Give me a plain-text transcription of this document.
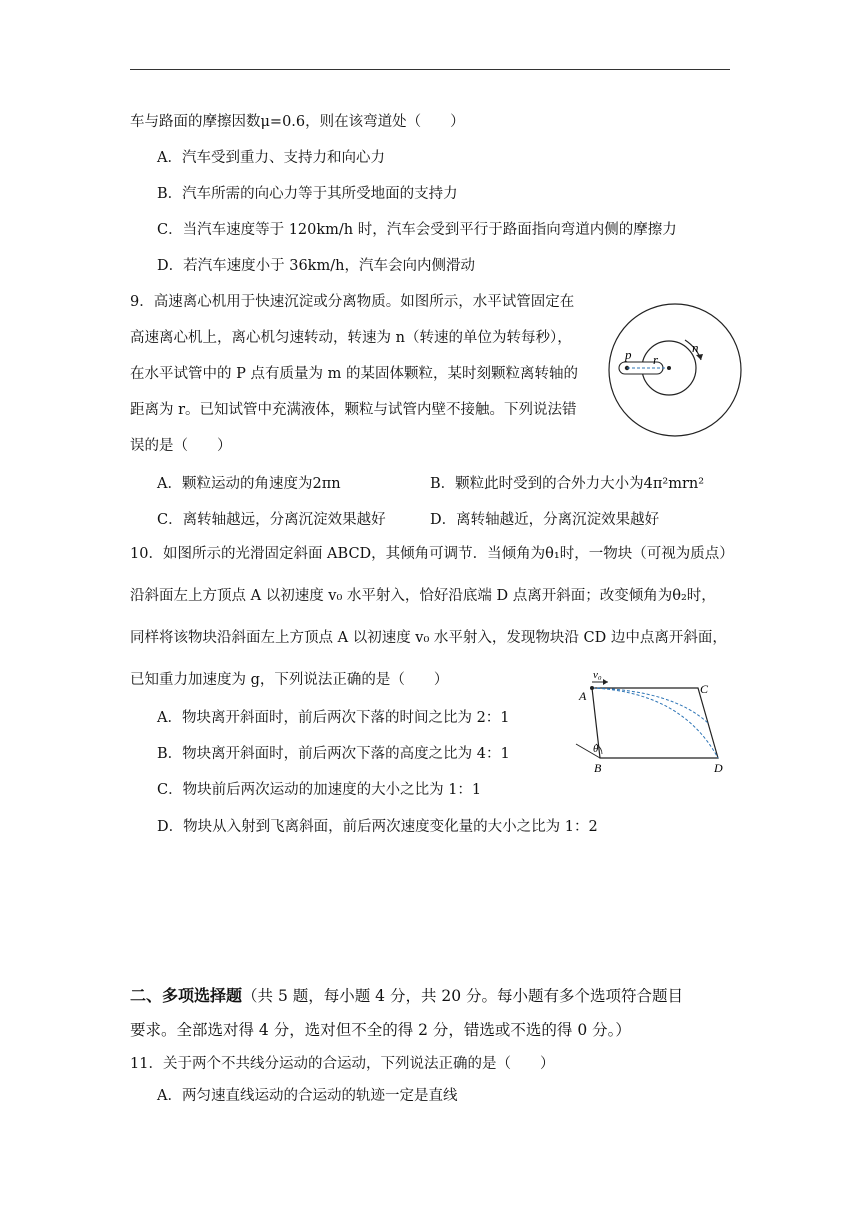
车与路面的摩擦因数μ=0.6，则在该弯道处（　　）
A．汽车受到重力、支持力和向心力
B．汽车所需的向心力等于其所受地面的支持力
C．当汽车速度等于 120km/h 时，汽车会受到平行于路面指向弯道内侧的摩擦力
D．若汽车速度小于 36km/h，汽车会向内侧滑动
9．高速离心机用于快速沉淀或分离物质。如图所示，水平试管固定在
高速离心机上，离心机匀速转动，转速为 n（转速的单位为转每秒），
在水平试管中的 P 点有质量为 m 的某固体颗粒，某时刻颗粒离转轴的
距离为 r。已知试管中充满液体，颗粒与试管内壁不接触。下列说法错
误的是（　　）
A．颗粒运动的角速度为2πn	B．颗粒此时受到的合外力大小为4π²mrn²
C．离转轴越远，分离沉淀效果越好	D．离转轴越近，分离沉淀效果越好
p r
n
10．如图所示的光滑固定斜面 ABCD，其倾角可调节．当倾角为θ₁时，一物块（可视为质点）
沿斜面左上方顶点 A 以初速度 v₀ 水平射入，恰好沿底端 D 点离开斜面；改变倾角为θ₂时，
同样将该物块沿斜面左上方顶点 A 以初速度 v₀ 水平射入，发现物块沿 CD 边中点离开斜面，
已知重力加速度为 g，下列说法正确的是（　　）
A．物块离开斜面时，前后两次下落的时间之比为 2：1
B．物块离开斜面时，前后两次下落的高度之比为 4：1
C．物块前后两次运动的加速度的大小之比为 1：1
D．物块从入射到飞离斜面，前后两次速度变化量的大小之比为 1：2
v₀
A	C
B	D
θ
二、多项选择题（共 5 题，每小题 4 分，共 20 分。每小题有多个选项符合题目
要求。全部选对得 4 分，选对但不全的得 2 分，错选或不选的得 0 分。）
11．关于两个不共线分运动的合运动，下列说法正确的是（　　）
A．两匀速直线运动的合运动的轨迹一定是直线
